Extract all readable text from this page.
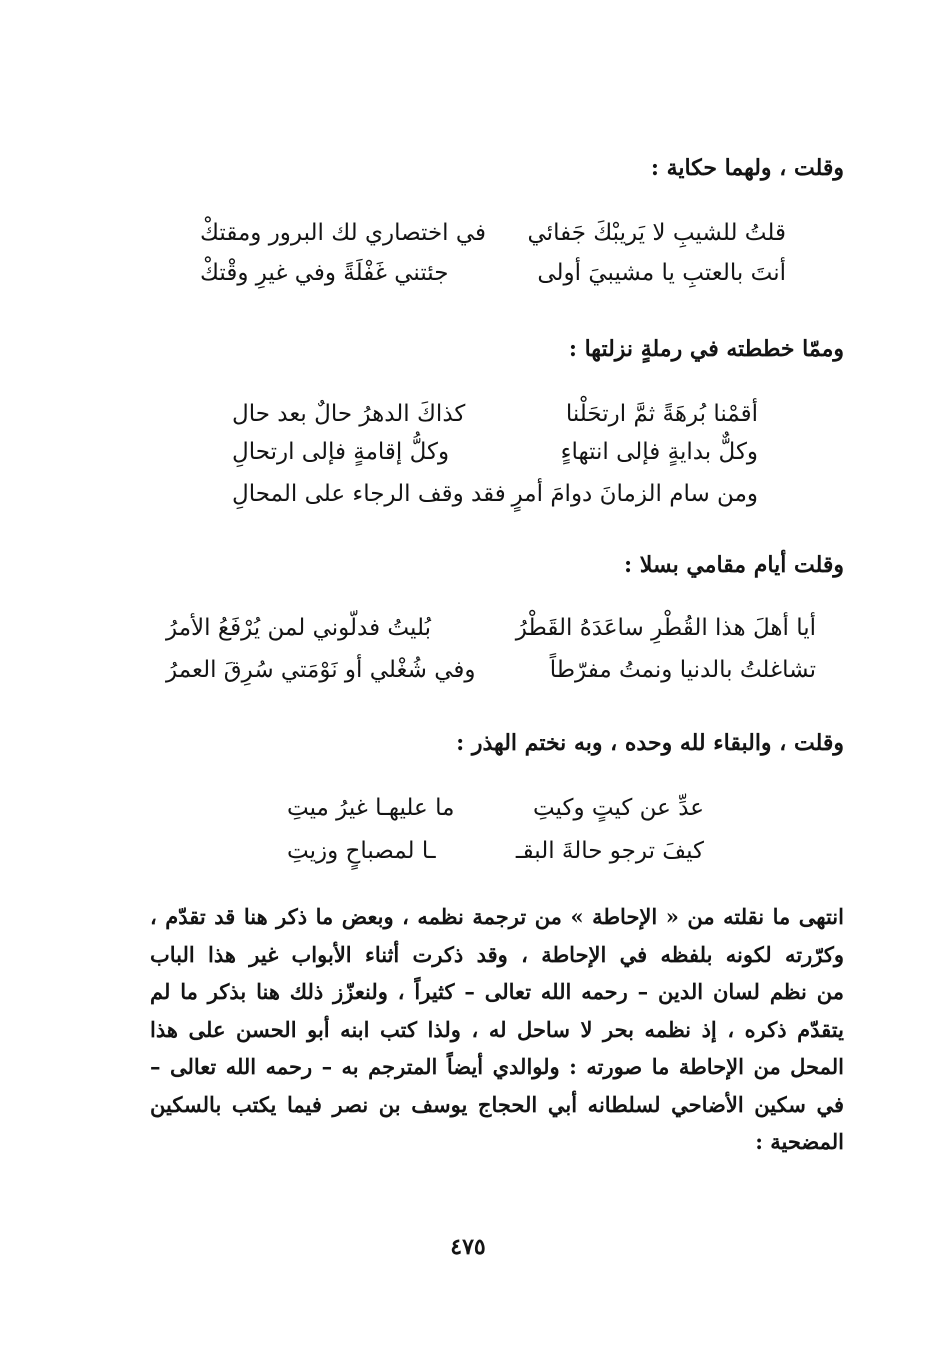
وقلت ، ولهما حكاية :
قلتُ للشيبِ لا يَريبْكَ جَفائي
في اختصاري لك البرور ومقتكْ
أنتَ بالعتبِ يا مشيبيَ أولى
جئتني غَفْلَةً وفي غيرِ وقْتكْ
وممّا خططته في رملةٍ نزلتها :
أقمْنا بُرهَةً ثمَّ ارتحَلْنا
كذاكَ الدهرُ حالٌ بعد حال
وكلٌّ بدايةٍ فإلى انتهاءٍ
وكلُّ إقامةٍ فإلى ارتحالِ
ومن سام الزمانَ دوامَ أمرٍ
فقد وقف الرجاء على المحالِ
وقلت أيام مقامي بسلا :
أيا أهلَ هذا القُطْرِ ساعَدَهُ القَطْرُ
بُليتُ فدلّوني لمن يُرْفَعُ الأمرُ
تشاغلتُ بالدنيا ونمتُ مفرّطاً
وفي شُغْلي أو نَوْمَتي سُرِقَ العمرُ
وقلت ، والبقاء لله وحده ، وبه نختم الهذر :
عدِّ عن كيتٍ وكيتِ
ما عليهـا غيرُ ميتِ
كيفَ ترجو حالةَ البقـ
ـا لمصباحٍ وزيتِ
انتهى ما نقلته من « الإحاطة » من ترجمة نظمه ، وبعض ما ذكر هنا قد تقدّم ،
وكرّرته لكونه بلفظه في الإحاطة ، وقد ذكرت أثناء الأبواب غير هذا الباب
من نظم لسان الدين – رحمه الله تعالى – كثيراً ، ولنعزّز ذلك هنا بذكر ما لم
يتقدّم ذكره ، إذ نظمه بحر لا ساحل له ، ولذا كتب ابنه أبو الحسن على هذا
المحل من الإحاطة ما صورته : ولوالدي أيضاً المترجم به – رحمه الله تعالى –
في سكين الأضاحي لسلطانه أبي الحجاج يوسف بن نصر فيما يكتب بالسكين
المضحية :
٤٧٥
